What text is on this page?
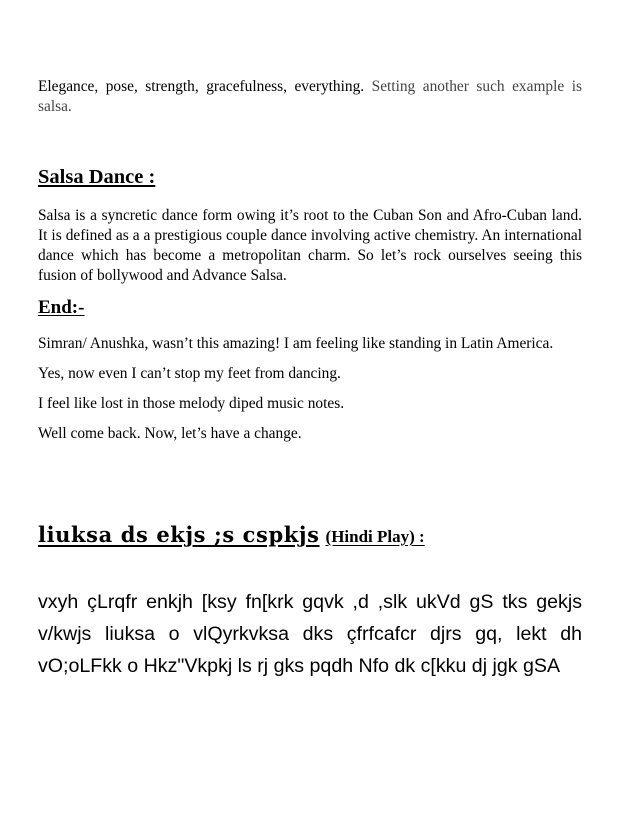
Elegance, pose, strength, gracefulness, everything. Setting another such example is salsa.

Salsa Dance :

Salsa is a syncretic dance form owing it’s root to the Cuban Son and Afro-Cuban land. It is defined as a a prestigious couple dance involving active chemistry. An international dance which has become a metropolitan charm. So let’s rock ourselves seeing this fusion of bollywood and Advance Salsa.

End:-

Simran/ Anushka, wasn’t this amazing! I am feeling like standing in Latin America.

Yes, now even I can’t stop my feet from dancing.

I feel like lost in those melody diped music notes.

Well come back. Now, let’s have a change.

liuksa ds ekjs ;s cspkjs (Hindi Play) :

vxyh çLrqfr enkjh [ksy fn[krk gqvk ,d ,slk ukVd gS tks gekjs v/kwjs liuksa o vlQyrkvksa dks çfrfcafcr djrs gq, lekt dh vO;oLFkk o Hkz"Vkpkj ls rj gks pqdh Nfo dk c[kku dj jgk gSA
